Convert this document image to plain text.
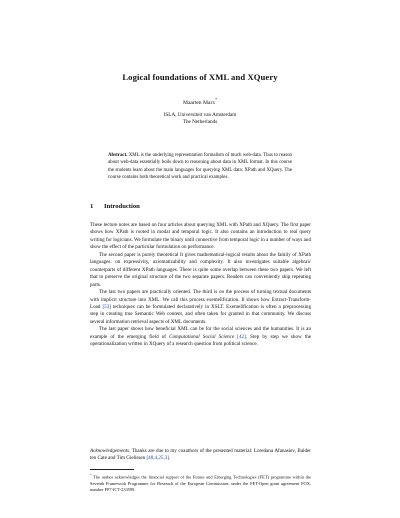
Logical foundations of XML and XQuery
Maarten Marx*
ISLA, Universiteit van Amsterdam
The Netherlands
Abstract. XML is the underlying representation formalism of much web-data. Thus to reason about web-data essentially boils down to reasoning about data in XML format. In this course the students learn about the main languages for querying XML data: XPath and XQuery. The course contains both theoretical work and practical examples.
1 Introduction

These lecture notes are based on four articles about querying XML with XPath and XQuery. The first paper shows how XPath is rooted in modal and temporal logic. It also contains an introduction to real query writing for logicians. We formulate the binary until connective from temporal logic in a number of ways and show the effect of the particular formulation on performance.

The second paper is purely theoretical It gives mathematical-logical results about the family of XPath languages: on expressivity, axiomatizability and complexity. It also investigates suitable algebraic counterparts of different XPath languages. There is quite some overlap between these two papers. We left that to preserve the original structure of the two separate papers. Readers can conveniently skip repeating parts.

The last two papers are practically oriented. The third is on the process of turning textual documents with implicit structure into XML. We call this process exemelification. It shows how Extract-Transform-Load [53] techniques can be formulated declaratively in XSLT. Exemelification is often a preprocessing step in creating true Semantic Web content, and often taken for granted in that community. We discuss several information retrieval aspects of XML documents.

The last paper shows how beneficial XML can be for the social sciences and the humanities. It is an example of the emerging field of Computational Social Science [42]. Step by step we show the operationalization written in XQuery of a research question from political science.

Acknowledgements. Thanks are due to my coauthors of the presented material: Loredana Afanasiev, Balder ten Cate and Tim Gielissen [48,4,25,3].
* The author acknowledges the financial support of the Future and Emerging Technologies (FET) programme within the Seventh Framework Programme for Research of the European Commission, under the FET-Open grant agreement FOX, number FP7-ICT-233599.
